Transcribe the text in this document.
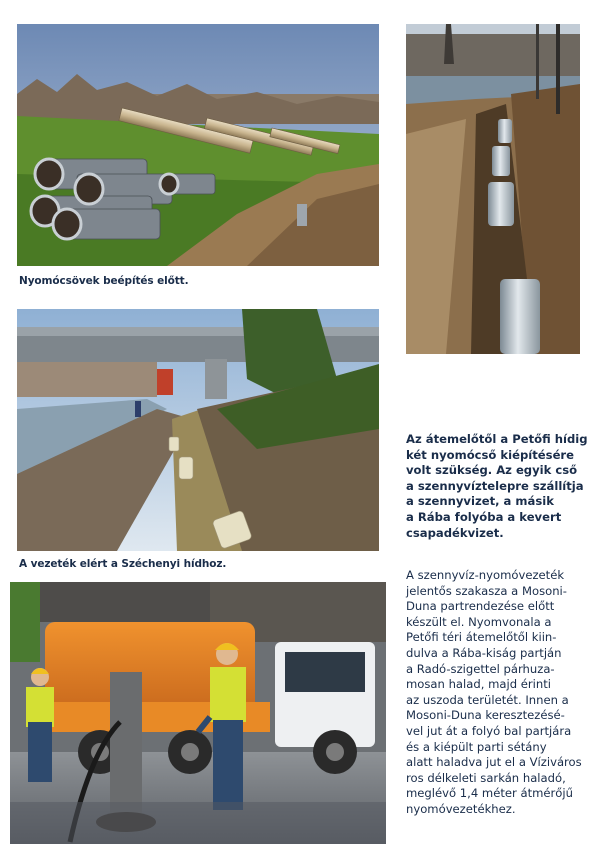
Nyomócsövek beépítés előtt.
A vezeték elért a Széchenyi hídhoz.
Az átemelőtől a Petőfi hídig
két nyomócső kiépítésére
volt szükség. Az egyik cső
a szennyvíztelepre szállítja
a szennyvizet, a másik
a Rába folyóba a kevert
csapadékvizet.
A szennyvíz-nyomóvezeték
jelentős szakasza a Mosoni-
Duna partrendezése előtt
készült el. Nyomvonala a
Petőfi téri átemelőtől kiin-
dulva a Rába-kiság partján
a Radó-szigettel párhuza-
mosan halad, majd érinti
az uszoda területét. Innen a
Mosoni-Duna keresztezésé-
vel jut át a folyó bal partjára
és a kiépült parti sétány
alatt haladva jut el a Víziváros
ros délkeleti sarkán haladó,
meglévő 1,4 méter átmérőjű
nyomóvezetékhez.
